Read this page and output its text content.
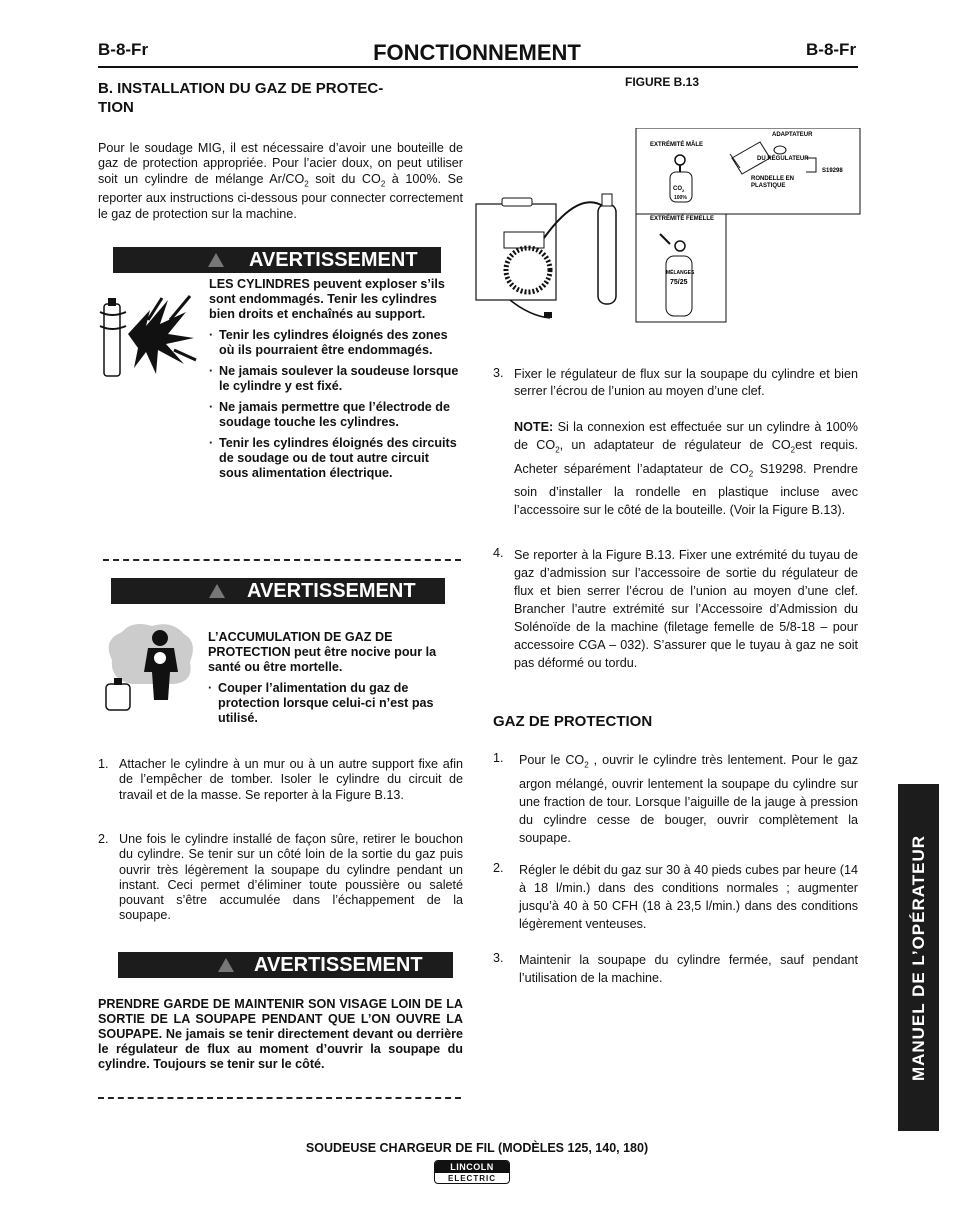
B-8-Fr	FONCTIONNEMENT	B-8-Fr
B. INSTALLATION DU GAZ DE PROTEC-
TION
Pour le soudage MIG, il est nécessaire d’avoir une bouteille de gaz de protection appropriée. Pour l’acier doux, on peut utiliser soit un cylindre de mélange $Ar/CO_2$ soit du $CO_2$ à 100%. Se reporter aux instructions ci-dessous pour connecter correctement le gaz de protection sur la machine.
AVERTISSEMENT
LES CYLINDRES peuvent exploser s’ils sont endommagés. Tenir les cylindres bien droits et enchaînés au support.
· Tenir les cylindres éloignés des zones où ils pourraient être endommagés.
· Ne jamais soulever la soudeuse lorsque le cylindre y est fixé.
· Ne jamais permettre que l’électrode de soudage touche les cylindres.
· Tenir les cylindres éloignés des circuits de soudage ou de tout autre circuit sous alimentation électrique.
AVERTISSEMENT
L’ACCUMULATION DE GAZ DE PROTECTION peut être nocive pour la santé ou être mortelle.
· Couper l’alimentation du gaz de protection lorsque celui-ci n’est pas utilisé.
1. Attacher le cylindre à un mur ou à un autre support fixe afin de l’empêcher de tomber. Isoler le cylindre du circuit de travail et de la masse. Se reporter à la Figure B.13.
2. Une fois le cylindre installé de façon sûre, retirer le bouchon du cylindre. Se tenir sur un côté loin de la sortie du gaz puis ouvrir très légèrement la soupape du cylindre pendant un instant. Ceci permet d’éliminer toute poussière ou saleté pouvant s’être accumulée dans l’échappement de la soupape.
AVERTISSEMENT
PRENDRE GARDE DE MAINTENIR SON VISAGE LOIN DE LA SORTIE DE LA SOUPAPE PENDANT QUE L’ON OUVRE LA SOUPAPE. Ne jamais se tenir directement devant ou derrière le régulateur de flux au moment d’ouvrir la soupape du cylindre. Toujours se tenir sur le côté.
FIGURE B.13
EXTRÉMITÉ MÂLE
ADAPTATEUR
DU RÉGULATEUR
S19298
RONDELLE EN
PLASTIQUE
$CO_2$
100%
EXTRÉMITÉ FEMELLE
MÉLANGES
75/25
3. Fixer le régulateur de flux sur la soupape du cylindre et bien serrer l’écrou de l’union au moyen d’une clef.
NOTE: Si la connexion est effectuée sur un cylindre à 100% de $CO_2$, un adaptateur de régulateur de $CO_2est$ requis. Acheter séparément l’adaptateur de $CO_2$ S19298. Prendre soin d’installer la rondelle en plastique incluse avec l’accessoire sur le côté de la bouteille. (Voir la Figure B.13).
4. Se reporter à la Figure B.13. Fixer une extrémité du tuyau de gaz d’admission sur l’accessoire de sortie du régulateur de flux et bien serrer l’écrou de l’union au moyen d’une clef. Brancher l’autre extrémité sur l’Accessoire d’Admission du Solénoïde de la machine (filetage femelle de 5/8-18 – pour accessoire CGA – 032). S’assurer que le tuyau à gaz ne soit pas déformé ou tordu.
GAZ DE PROTECTION
1. Pour le $CO_2$ , ouvrir le cylindre très lentement. Pour le gaz argon mélangé, ouvrir lentement la soupape du cylindre sur une fraction de tour. Lorsque l’aiguille de la jauge à pression du cylindre cesse de bouger, ouvrir complètement la soupape.
2. Régler le débit du gaz sur 30 à 40 pieds cubes par heure (14 à 18 l/min.) dans des conditions normales ; augmenter jusqu’à 40 à 50 CFH (18 à 23,5 l/min.) dans des conditions légèrement venteuses.
3. Maintenir la soupape du cylindre fermée, sauf pendant l’utilisation de la machine.	MANUEL DE L’OPÉRATEUR
SOUDEUSE CHARGEUR DE FIL (MODÈLES 125, 140, 180)
LINCOLN
ELECTRIC
